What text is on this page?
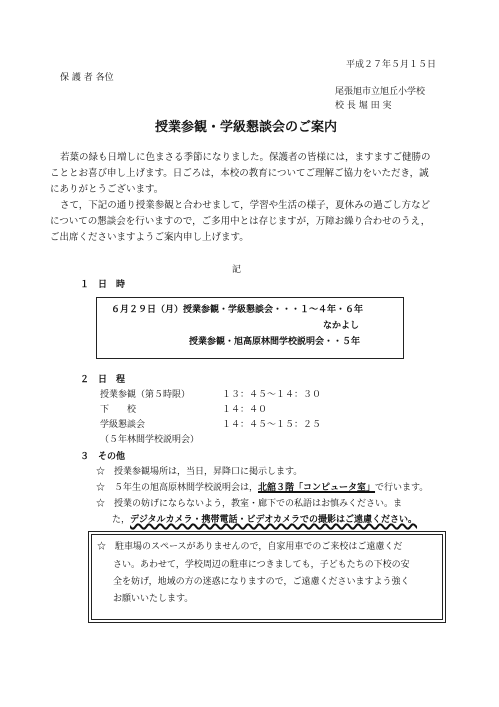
平成２７年５月１５日
保 護 者 各位
尾張旭市立旭丘小学校
校 長 堀 田 実
授業参観・学級懇談会のご案内
若葉の緑も日増しに色まさる季節になりました。保護者の皆様には，ますますご健勝の
こととお喜び申し上げます。日ごろは，本校の教育についてご理解ご協力をいただき，誠
にありがとうございます。
さて，下記の通り授業参観と合わせまして，学習や生活の様子，夏休みの過ごし方など
についての懇談会を行いますので，ご多用中とは存じますが，万障お繰り合わせのうえ，
ご出席くださいますようご案内申し上げます。
記
１　日　時
６月２９日（月）授業参観・学級懇談会・・・１～４年・６年
なかよし
授業参観・旭高原林間学校説明会・・５年
２　日　程
授業参観（第５時限）	１３：４５～１４：３０
下　　校	１４：４０
学級懇談会	１４：４５～１５：２５
（５年林間学校説明会）
３　その他
☆　授業参観場所は，当日，昇降口に掲示します。
☆　５年生の旭高原林間学校説明会は，北舘３階「コンピュータ室」で行います。
☆　授業の妨げにならないよう，教室・廊下での私語はお慎みください。ま
た，デジタルカメラ・携帯電話・ビデオカメラでの撮影はご遠慮ください。
☆　駐車場のスペースがありませんので，自家用車でのご来校はご遠慮くだ
さい。あわせて，学校周辺の駐車につきましても，子どもたちの下校の安
全を妨げ，地域の方の迷惑になりますので，ご遠慮くださいますよう強く
お願いいたします。
